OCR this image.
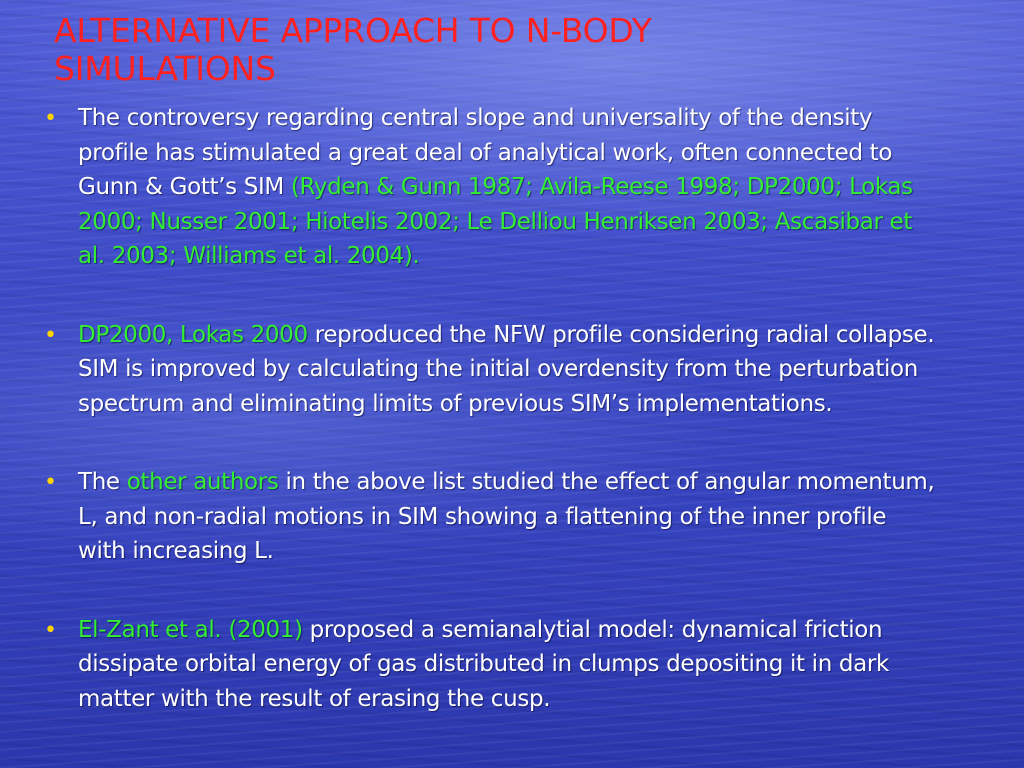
ALTERNATIVE APPROACH TO N-BODY SIMULATIONS
• The controversy regarding central slope and universality of the density profile has stimulated a great deal of analytical work, often connected to Gunn & Gott’s SIM (Ryden & Gunn 1987; Avila-Reese 1998; DP2000; Lokas 2000; Nusser 2001; Hiotelis 2002; Le Delliou Henriksen 2003; Ascasibar et al. 2003; Williams et al. 2004).
• DP2000, Lokas 2000 reproduced the NFW profile considering radial collapse. SIM is improved by calculating the initial overdensity from the perturbation spectrum and eliminating limits of previous SIM’s implementations.
• The other authors in the above list studied the effect of angular momentum, L, and non-radial motions in SIM showing a flattening of the inner profile with increasing L.
• El-Zant et al. (2001) proposed a semianalytial model: dynamical friction dissipate orbital energy of gas distributed in clumps depositing it in dark matter with the result of erasing the cusp.
